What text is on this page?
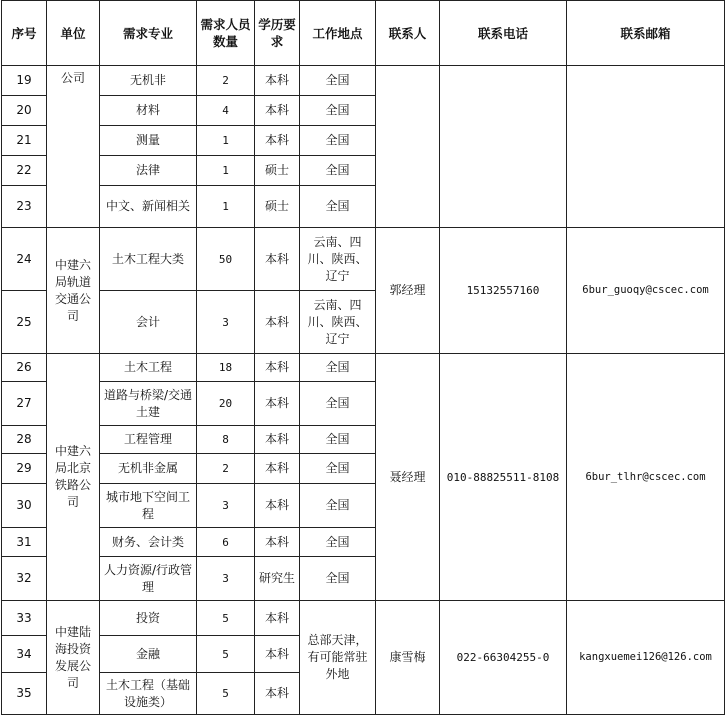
序号	单位	需求专业	需求人员数量	学历要求	工作地点	联系人	联系电话	联系邮箱
19	公司	无机非	2	本科	全国			
20		材料	4	本科	全国			
21		测量	1	本科	全国			
22		法律	1	硕士	全国			
23		中文、新闻相关	1	硕士	全国			
24	中建六局轨道交通公司	土木工程大类	50	本科	云南、四川、陕西、辽宁	郭经理	15132557160	6bur_guoqy@cscec.com
25		会计	3	本科	云南、四川、陕西、辽宁			
26	中建六局北京铁路公司	土木工程	18	本科	全国	聂经理	010-88825511-8108	6bur_tlhr@cscec.com
27		道路与桥梁/交通土建	20	本科	全国			
28		工程管理	8	本科	全国			
29		无机非金属	2	本科	全国			
30		城市地下空间工程	3	本科	全国			
31		财务、会计类	6	本科	全国			
32		人力资源/行政管理	3	研究生	全国			
33	中建陆海投资发展公司	投资	5	本科	总部天津，有可能常驻外地	康雪梅	022-66304255-0	kangxuemei126@126.com
34		金融	5	本科				
35		土木工程（基础设施类）	5	本科				
